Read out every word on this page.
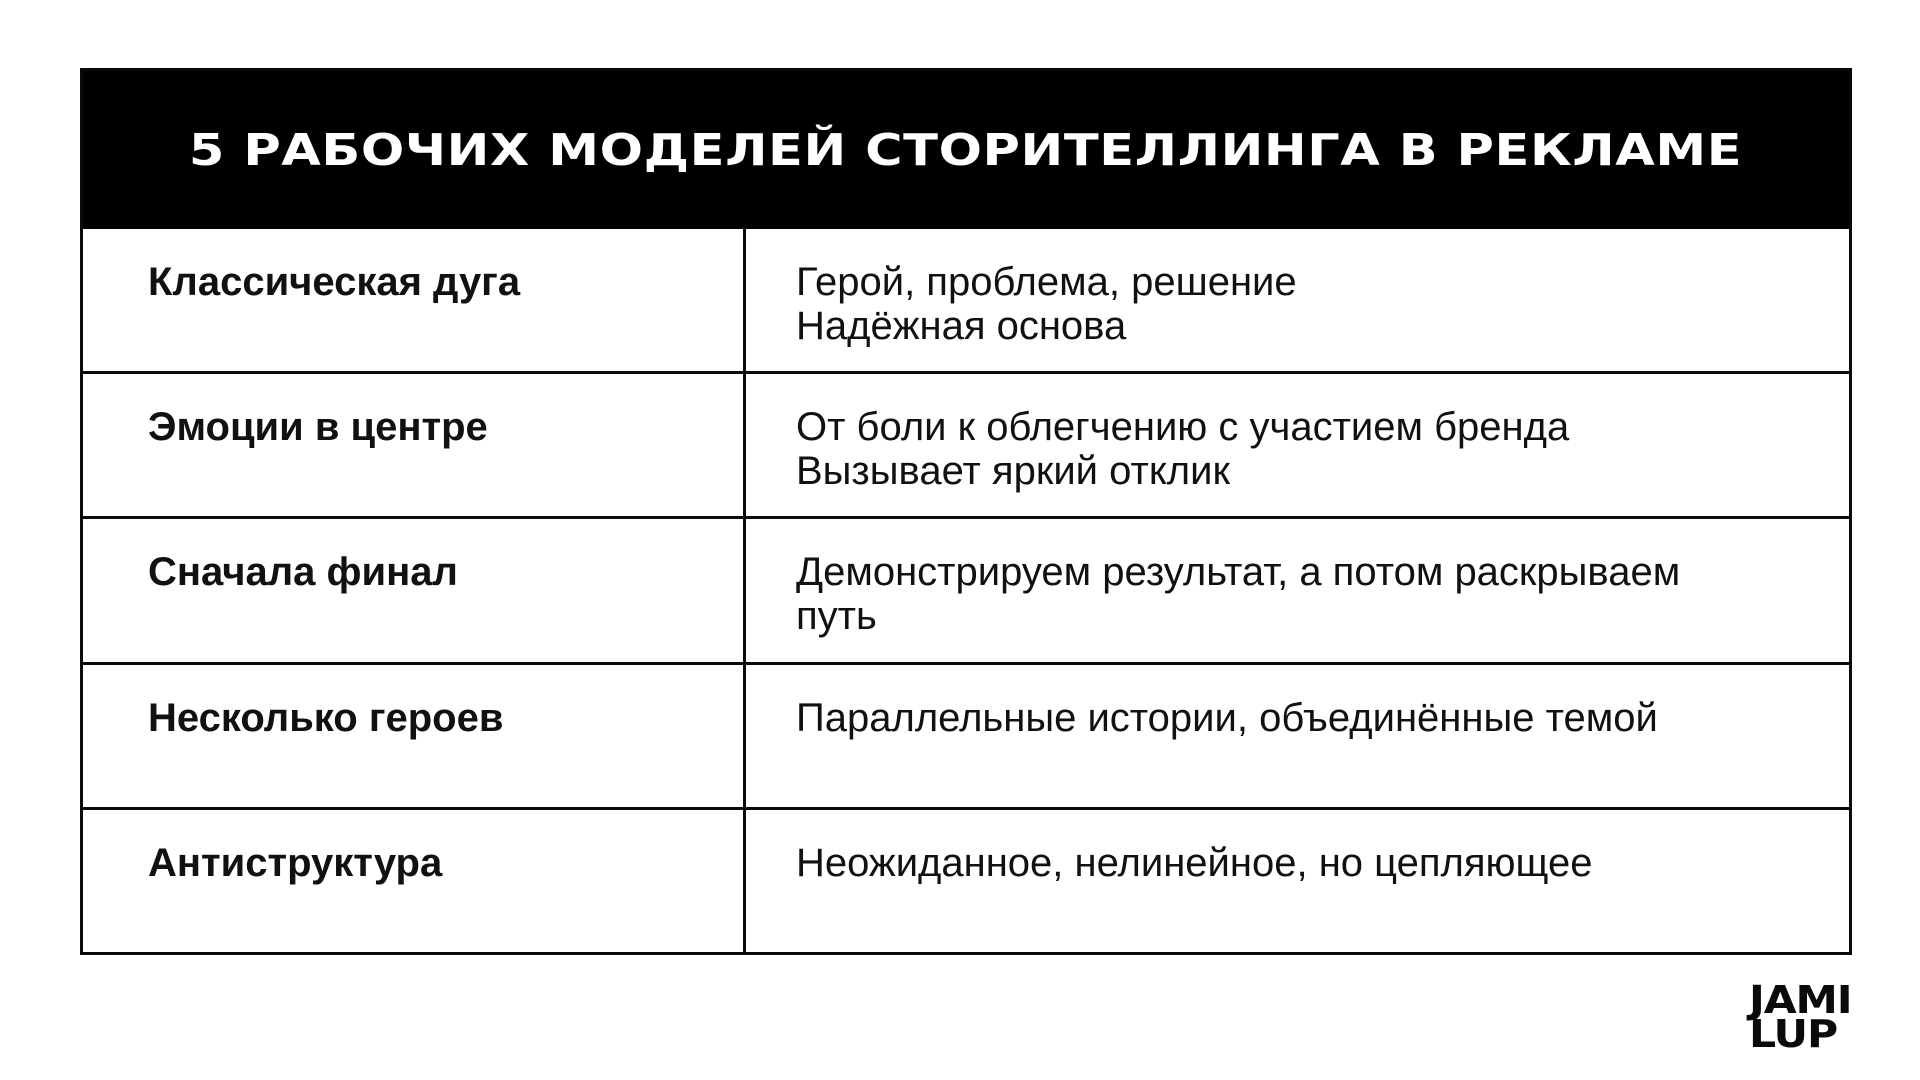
5 РАБОЧИХ МОДЕЛЕЙ СТОРИТЕЛЛИНГА В РЕКЛАМЕ
Классическая дуга	Герой, проблема, решение
Надёжная основа
Эмоции в центре	От боли к облегчению с участием бренда
Вызывает яркий отклик
Сначала финал	Демонстрируем результат, а потом раскрываем
путь
Несколько героев	Параллельные истории, объединённые темой
Антиструктура	Неожиданное, нелинейное, но цепляющее
JAMI
LUP
